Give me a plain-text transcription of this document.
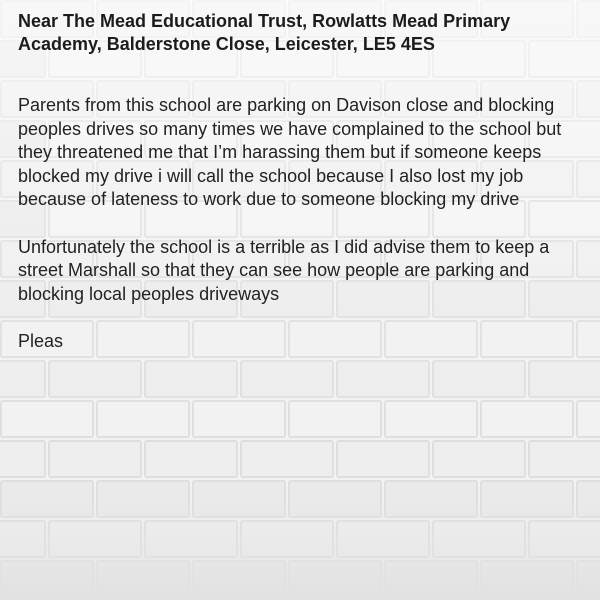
Near The Mead Educational Trust, Rowlatts Mead Primary Academy, Balderstone Close, Leicester, LE5 4ES

Parents from this school are parking on Davison close and blocking peoples drives so many times we have complained to the school but they threatened me that I’m harassing them but if someone keeps blocked my drive i will call the school because I also lost my job because of lateness to work due to someone blocking my drive

Unfortunately the school is a terrible as I did advise them to keep a street Marshall so that they can see how people are parking and blocking local peoples driveways

Pleas
